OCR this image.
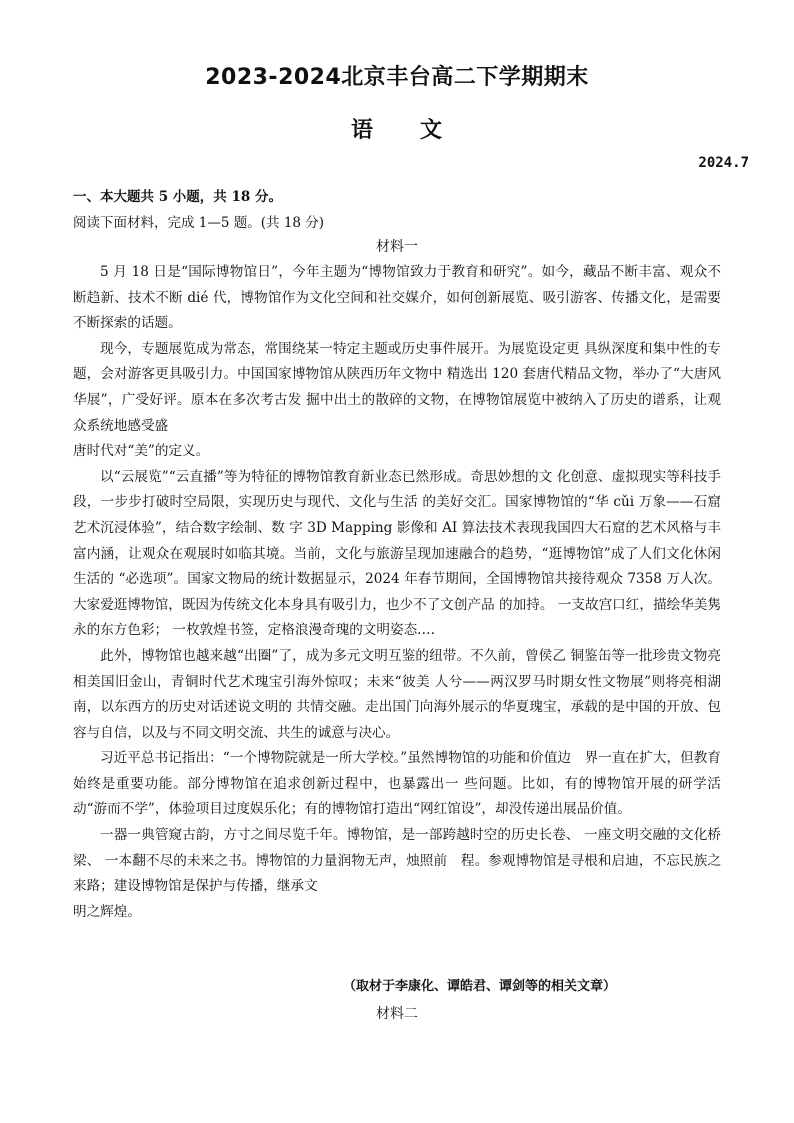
2023-2024北京丰台高二下学期期末
语　　文
2024.7
一、本大题共 5 小题，共 18 分。
阅读下面材料，完成 1—5 题。(共 18 分)
材料一

5 月 18 日是“国际博物馆日”，今年主题为“博物馆致力于教育和研究”。如今，藏品不断丰富、观众不断趋新、技术不断 dié 代，博物馆作为文化空间和社交媒介，如何创新展览、吸引游客、传播文化，是需要不断探索的话题。

现今，专题展览成为常态，常围绕某一特定主题或历史事件展开。为展览设定更 具纵深度和集中性的专题，会对游客更具吸引力。中国国家博物馆从陕西历年文物中 精选出 120 套唐代精品文物，举办了“大唐风华展”，广受好评。原本在多次考古发 掘中出土的散碎的文物，在博物馆展览中被纳入了历史的谱系，让观众系统地感受盛

唐时代对“美”的定义。

以“云展览”“云直播”等为特征的博物馆教育新业态已然形成。奇思妙想的文 化创意、虚拟现实等科技手段，一步步打破时空局限，实现历史与现代、文化与生活 的美好交汇。国家博物馆的“华 cǔi 万象——石窟艺术沉浸体验”，结合数字绘制、数 字 3D Mapping 影像和 AI 算法技术表现我国四大石窟的艺术风格与丰富内涵，让观众在观展时如临其境。当前，文化与旅游呈现加速融合的趋势，“逛博物馆”成了人们文化休闲生活的 “必选项”。国家文物局的统计数据显示，2024 年春节期间，全国博物馆共接待观众 7358 万人次。大家爱逛博物馆，既因为传统文化本身具有吸引力，也少不了文创产品 的加持。 一支故宫口红，描绘华美隽永的东方色彩； 一枚敦煌书签，定格浪漫奇瑰的文明姿态.…

此外，博物馆也越来越“出圈”了，成为多元文明互鉴的纽带。不久前，曾侯乙 铜鉴缶等一批珍贵文物亮相美国旧金山，青铜时代艺术瑰宝引海外惊叹；未来“彼美 人兮——两汉罗马时期女性文物展”则将亮相湖南，以东西方的历史对话述说文明的 共情交融。走出国门向海外展示的华夏瑰宝，承载的是中国的开放、包容与自信，以及与不同文明交流、共生的诚意与决心。

习近平总书记指出：“一个博物院就是一所大学校。”虽然博物馆的功能和价值边　界一直在扩大，但教育始终是重要功能。部分博物馆在追求创新过程中，也暴露出一 些问题。比如，有的博物馆开展的研学活动“游而不学”，体验项目过度娱乐化；有的博物馆打造出“网红馆设”，却没传递出展品价值。

一器一典管窥古韵，方寸之间尽览千年。博物馆，是一部跨越时空的历史长卷、 一座文明交融的文化桥梁、 一本翻不尽的未来之书。博物馆的力量润物无声，烛照前　程。参观博物馆是寻根和启迪，不忘民族之来路；建设博物馆是保护与传播，继承文

明之辉煌。

（取材于李康化、谭皓君、谭剑等的相关文章）
材料二
